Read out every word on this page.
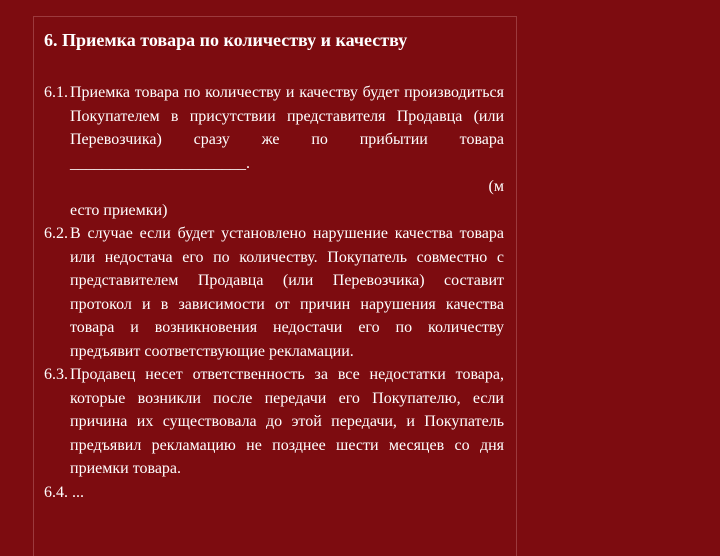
6. Приемка товара по количеству и качеству

6.1. Приемка товара по количеству и качеству будет производиться Покупателем в присутствии представителя Продавца (или Перевозчика) сразу же по прибытии товара ______________________.

(м

есто приемки)

6.2. В случае если будет установлено нарушение качества товара или недостача его по количеству. Покупатель совместно с представителем Продавца (или Перевозчика) составит протокол и в зависимости от причин нарушения качества товара и возникновения недостачи его по количеству предъявит соответствующие рекламации.

6.3. Продавец несет ответственность за все недостатки товара, которые возникли после передачи его Покупателю, если причина их существовала до этой передачи, и Покупатель предъявил рекламацию не позднее шести месяцев со дня приемки товара.

6.4. ...
